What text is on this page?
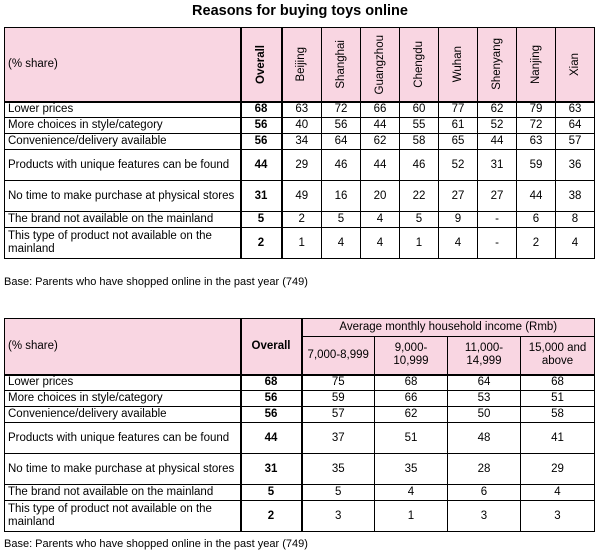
Reasons for buying toys online
(% share)	Overall	Beijing	Shanghai	Guangzhou	Chengdu	Wuhan	Shenyang	Nanjing	Xian

Lower prices	68	63	72	66	60	77	62	79	63
More choices in style/category	56	40	56	44	55	61	52	72	64
Convenience/delivery available	56	34	64	62	58	65	44	63	57
Products with unique features can be found	44	29	46	44	46	52	31	59	36
No time to make purchase at physical stores	31	49	16	20	22	27	27	44	38
The brand not available on the mainland	5	2	5	4	5	9	-	6	8
This type of product not available on the mainland	2	1	4	4	1	4	-	2	4
Base: Parents who have shopped online in the past year (749)
(% share)	Overall	Average monthly household income (Rmb)			
		7,000-8,999	9,000-10,999	11,000-14,999	15,000 and above
Lower prices	68	75	68	64	68
More choices in style/category	56	59	66	53	51
Convenience/delivery available	56	57	62	50	58
Products with unique features can be found	44	37	51	48	41
No time to make purchase at physical stores	31	35	35	28	29
The brand not available on the mainland	5	5	4	6	4
This type of product not available on the mainland	2	3	1	3	3
Base: Parents who have shopped online in the past year (749)
